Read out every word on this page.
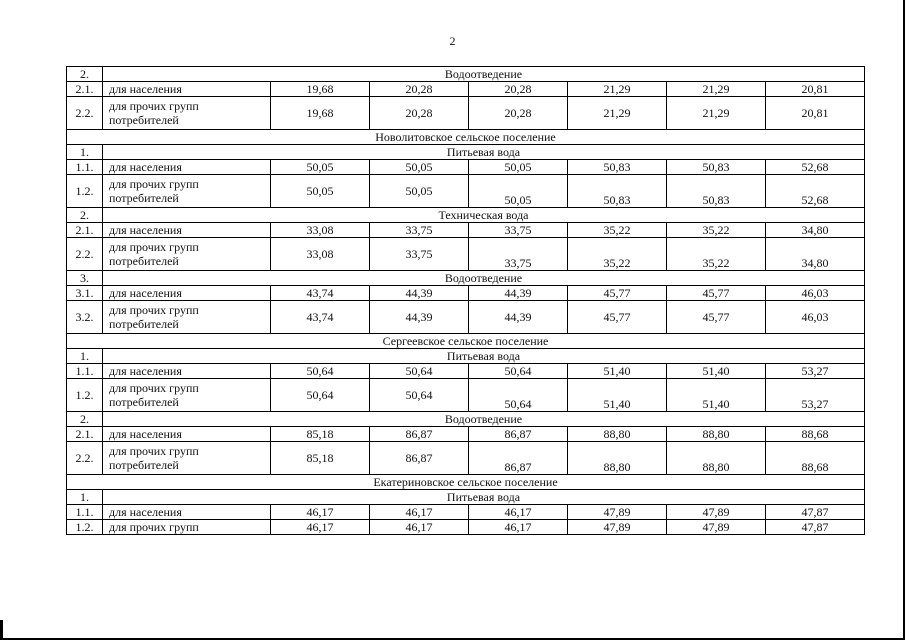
2
2.	Водоотведение						
2.1.	для населения	19,68	20,28	20,28	21,29	21,29	20,81
2.2.	для прочих групп потребителей	19,68	20,28	20,28	21,29	21,29	20,81
Новолитовское сельское поселение							
1.	Питьевая вода						
1.1.	для населения	50,05	50,05	50,05	50,83	50,83	52,68
1.2.	для прочих групп потребителей	50,05	50,05	50,05	50,83	50,83	52,68
2.	Техническая вода						
2.1.	для населения	33,08	33,75	33,75	35,22	35,22	34,80
2.2.	для прочих групп потребителей	33,08	33,75	33,75	35,22	35,22	34,80
3.	Водоотведение						
3.1.	для населения	43,74	44,39	44,39	45,77	45,77	46,03
3.2.	для прочих групп потребителей	43,74	44,39	44,39	45,77	45,77	46,03
Сергеевское сельское поселение							
1.	Питьевая вода						
1.1.	для населения	50,64	50,64	50,64	51,40	51,40	53,27
1.2.	для прочих групп потребителей	50,64	50,64	50,64	51,40	51,40	53,27
2.	Водоотведение						
2.1.	для населения	85,18	86,87	86,87	88,80	88,80	88,68
2.2.	для прочих групп потребителей	85,18	86,87	86,87	88,80	88,80	88,68
Екатериновское сельское поселение							
1.	Питьевая вода						
1.1.	для населения	46,17	46,17	46,17	47,89	47,89	47,87
1.2.	для прочих групп	46,17	46,17	46,17	47,89	47,89	47,87
